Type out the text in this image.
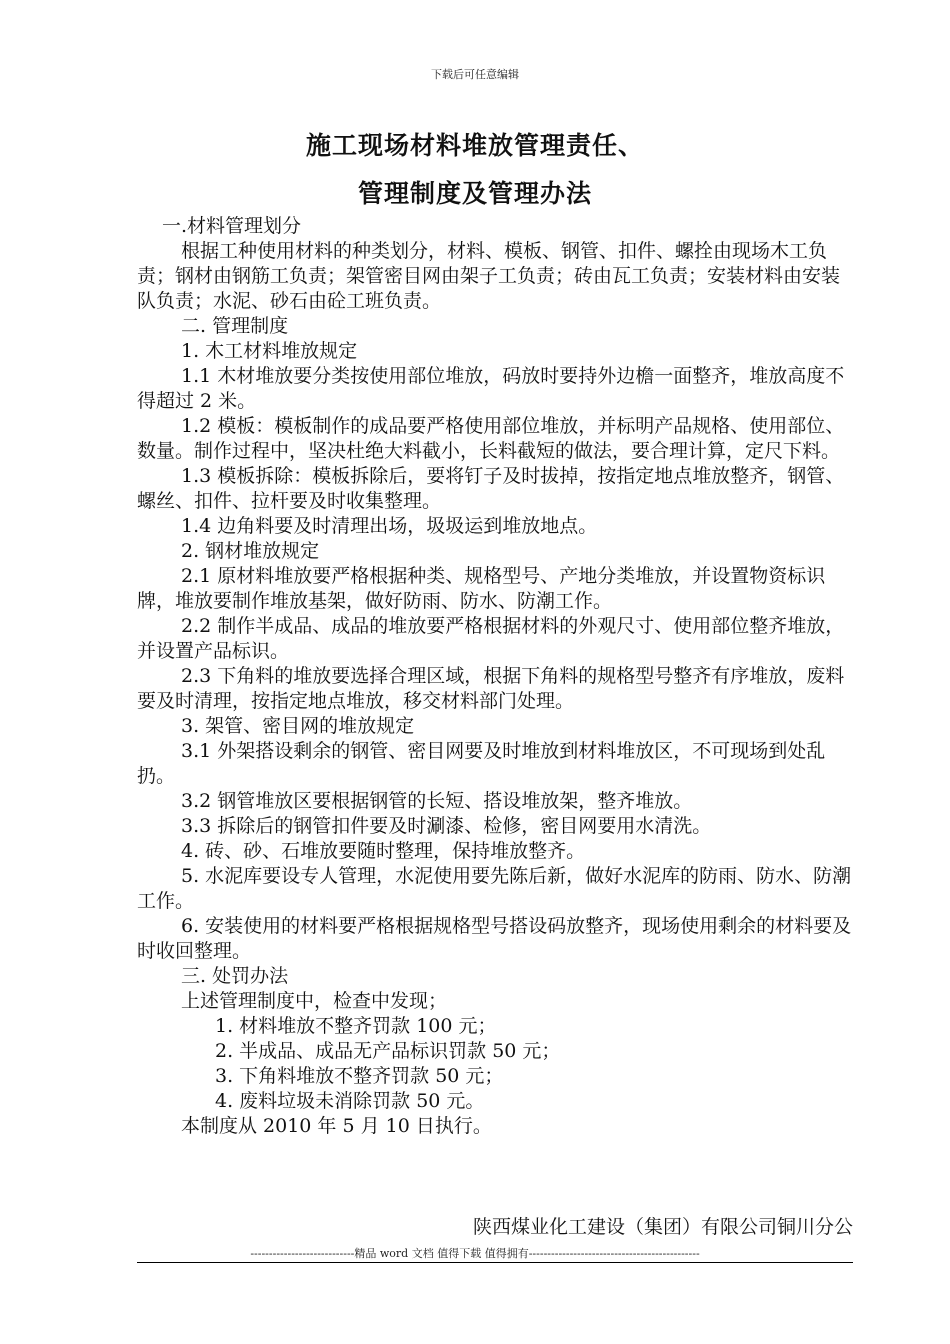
下载后可任意编辑
施工现场材料堆放管理责任、
管理制度及管理办法

一.材料管理划分

根据工种使用材料的种类划分，材料、模板、钢管、扣件、螺拴由现场木工负责；钢材由钢筋工负责；架管密目网由架子工负责；砖由瓦工负责；安装材料由安装队负责；水泥、砂石由砼工班负责。

二. 管理制度

1. 木工材料堆放规定

1.1 木材堆放要分类按使用部位堆放，码放时要持外边檐一面整齐，堆放高度不得超过 2 米。

1.2 模板：模板制作的成品要严格使用部位堆放，并标明产品规格、使用部位、数量。制作过程中，坚决杜绝大料截小，长料截短的做法，要合理计算，定尺下料。

1.3 模板拆除：模板拆除后，要将钉子及时拔掉，按指定地点堆放整齐，钢管、螺丝、扣件、拉杆要及时收集整理。

1.4 边角料要及时清理出场，圾圾运到堆放地点。

2. 钢材堆放规定

2.1 原材料堆放要严格根据种类、规格型号、产地分类堆放，并设置物资标识牌，堆放要制作堆放基架，做好防雨、防水、防潮工作。

2.2 制作半成品、成品的堆放要严格根据材料的外观尺寸、使用部位整齐堆放，并设置产品标识。

2.3 下角料的堆放要选择合理区域，根据下角料的规格型号整齐有序堆放，废料要及时清理，按指定地点堆放，移交材料部门处理。

3. 架管、密目网的堆放规定

3.1 外架搭设剩余的钢管、密目网要及时堆放到材料堆放区，不可现场到处乱扔。

3.2 钢管堆放区要根据钢管的长短、搭设堆放架，整齐堆放。

3.3 拆除后的钢管扣件要及时涮漆、检修，密目网要用水清洗。

4. 砖、砂、石堆放要随时整理，保持堆放整齐。

5. 水泥库要设专人管理，水泥使用要先陈后新，做好水泥库的防雨、防水、防潮工作。

6. 安装使用的材料要严格根据规格型号搭设码放整齐，现场使用剩余的材料要及时收回整理。

三. 处罚办法

上述管理制度中，检查中发现；

1. 材料堆放不整齐罚款 100 元；

2. 半成品、成品无产品标识罚款 50 元；

3. 下角料堆放不整齐罚款 50 元；

4. 废料垃圾未消除罚款 50 元。

本制度从 2010 年 5 月 10 日执行。

陕西煤业化工建设（集团）有限公司铜川分公
----------------------------精品 word 文档 值得下载 值得拥有----------------------------------------------
